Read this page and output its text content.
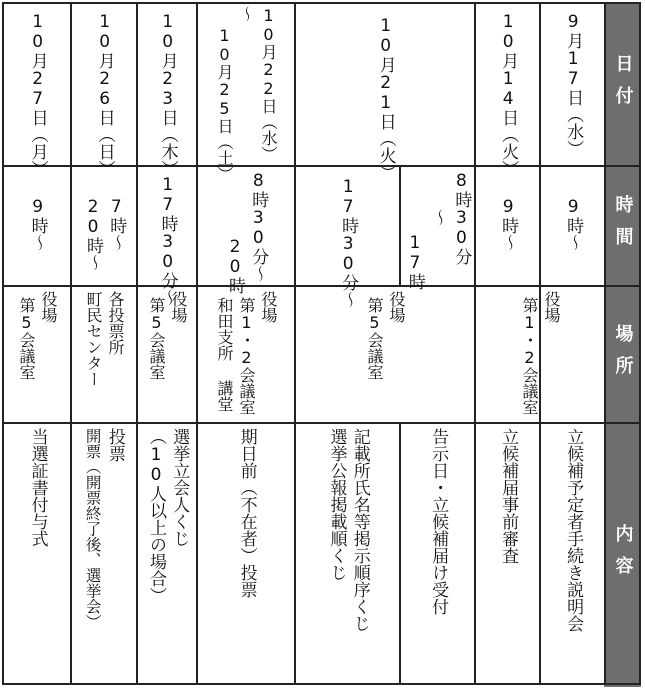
日付
時間
場所
内容
9月17日（水）
9時～
役場
第1・2会議室
立候補予定者手続き説明会
10月14日（火）
9時～
立候補届事前審査
10月21日（火）
8時30分
～
17時
17時30分～ 役場
第5会議室
告示日・立候補届け受付
記載所氏名等掲示順序くじ
選挙公報掲載順くじ
10月22日（水）
～
10月25日（土）
8時30分～
20時
役場
第1・2会議室
和田支所 講堂
期日前（不在者）投票
10月23日（木）
17時30分～
役場
第5会議室
選挙立会人くじ
（10人以上の場合）
10月26日（日）
7時～
20時～
各投票所
町民センター
投票
開票（開票終了後、選挙会）
10月27日（月）
9時～
役場
第5会議室
当選証書付与式
